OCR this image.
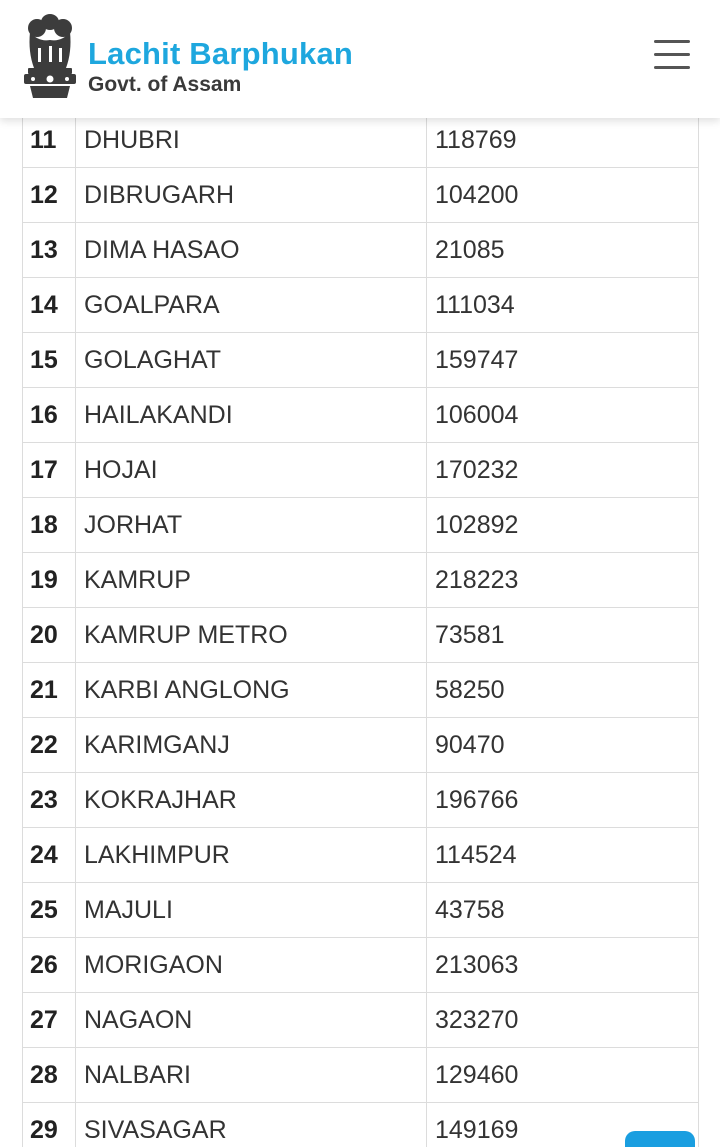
Lachit Barphukan
Govt. of Assam
11	DHUBRI	118769
12	DIBRUGARH	104200
13	DIMA HASAO	21085
14	GOALPARA	111034
15	GOLAGHAT	159747
16	HAILAKANDI	106004
17	HOJAI	170232
18	JORHAT	102892
19	KAMRUP	218223
20	KAMRUP METRO	73581
21	KARBI ANGLONG	58250
22	KARIMGANJ	90470
23	KOKRAJHAR	196766
24	LAKHIMPUR	114524
25	MAJULI	43758
26	MORIGAON	213063
27	NAGAON	323270
28	NALBARI	129460
29	SIVASAGAR	149169
